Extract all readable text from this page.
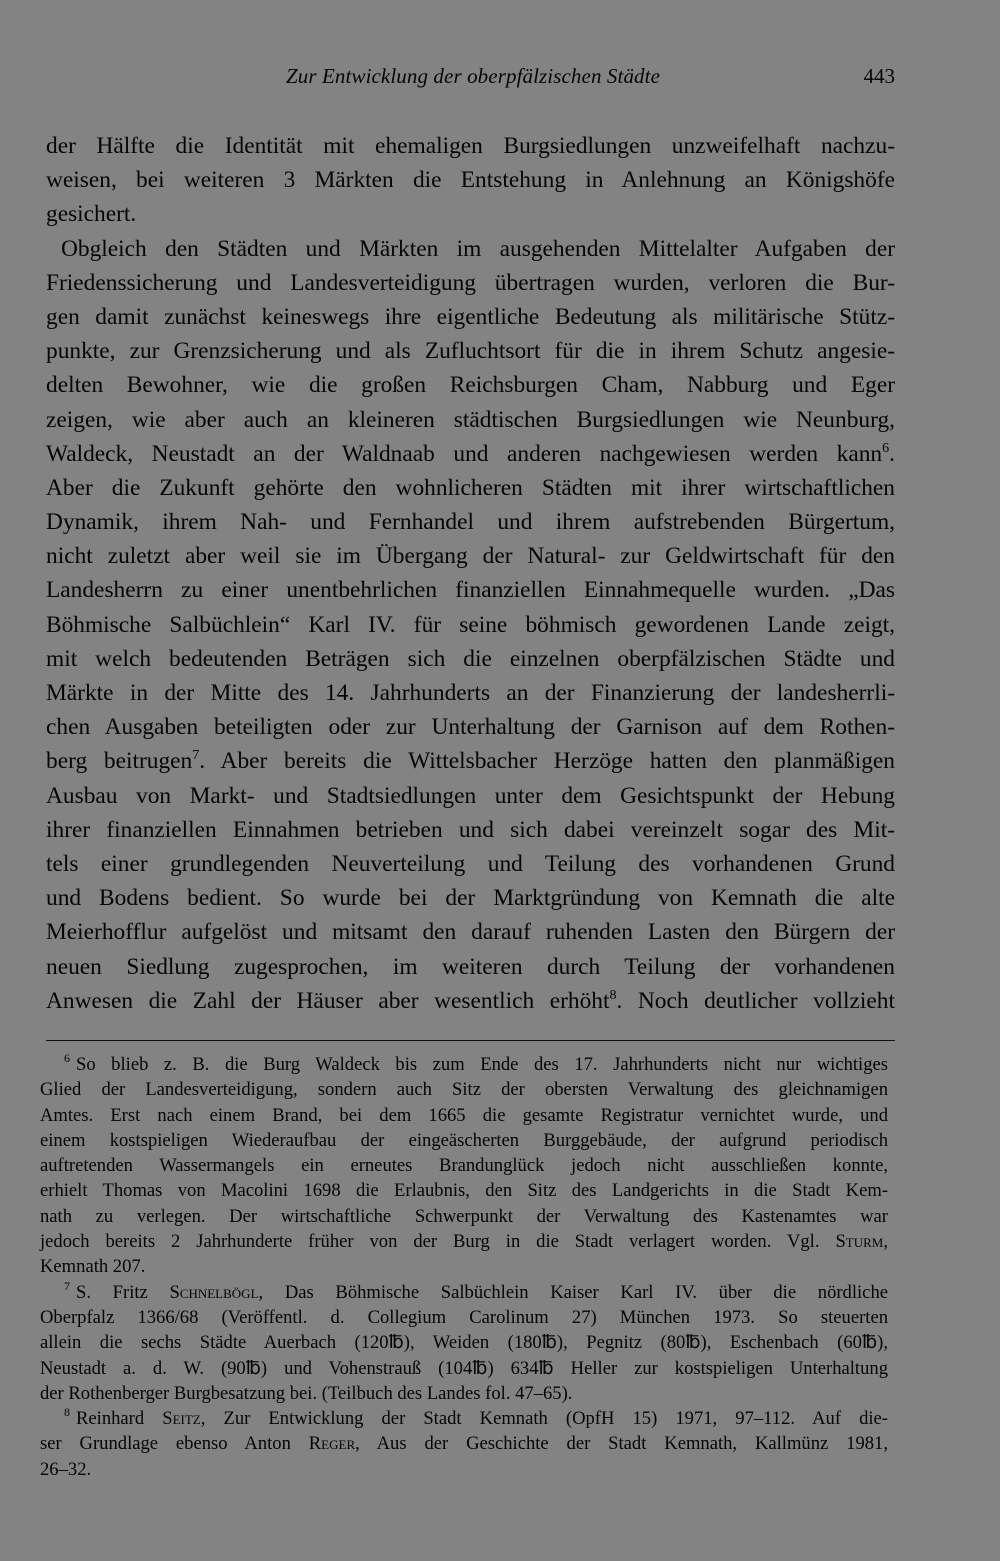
Zur Entwicklung der oberpfälzischen Städte	443
der Hälfte die Identität mit ehemaligen Burgsiedlungen unzweifelhaft nachzu-
weisen, bei weiteren 3 Märkten die Entstehung in Anlehnung an Königshöfe
gesichert.
Obgleich den Städten und Märkten im ausgehenden Mittelalter Aufgaben der
Friedenssicherung und Landesverteidigung übertragen wurden, verloren die Bur-
gen damit zunächst keineswegs ihre eigentliche Bedeutung als militärische Stütz-
punkte, zur Grenzsicherung und als Zufluchtsort für die in ihrem Schutz angesie-
delten Bewohner, wie die großen Reichsburgen Cham, Nabburg und Eger
zeigen, wie aber auch an kleineren städtischen Burgsiedlungen wie Neunburg,
Waldeck, Neustadt an der Waldnaab und anderen nachgewiesen werden kann$^6$.
Aber die Zukunft gehörte den wohnlicheren Städten mit ihrer wirtschaftlichen
Dynamik, ihrem Nah- und Fernhandel und ihrem aufstrebenden Bürgertum,
nicht zuletzt aber weil sie im Übergang der Natural- zur Geldwirtschaft für den
Landesherrn zu einer unentbehrlichen finanziellen Einnahmequelle wurden. „Das
Böhmische Salbüchlein“ Karl IV. für seine böhmisch gewordenen Lande zeigt,
mit welch bedeutenden Beträgen sich die einzelnen oberpfälzischen Städte und
Märkte in der Mitte des 14. Jahrhunderts an der Finanzierung der landesherrli-
chen Ausgaben beteiligten oder zur Unterhaltung der Garnison auf dem Rothen-
berg beitrugen$^7$. Aber bereits die Wittelsbacher Herzöge hatten den planmäßigen
Ausbau von Markt- und Stadtsiedlungen unter dem Gesichtspunkt der Hebung
ihrer finanziellen Einnahmen betrieben und sich dabei vereinzelt sogar des Mit-
tels einer grundlegenden Neuverteilung und Teilung des vorhandenen Grund
und Bodens bedient. So wurde bei der Marktgründung von Kemnath die alte
Meierhofflur aufgelöst und mitsamt den darauf ruhenden Lasten den Bürgern der
neuen Siedlung zugesprochen, im weiteren durch Teilung der vorhandenen
Anwesen die Zahl der Häuser aber wesentlich erhöht$^8$. Noch deutlicher vollzieht
$^6$ So blieb z. B. die Burg Waldeck bis zum Ende des 17. Jahrhunderts nicht nur wichtiges
Glied der Landesverteidigung, sondern auch Sitz der obersten Verwaltung des gleichnamigen
Amtes. Erst nach einem Brand, bei dem 1665 die gesamte Registratur vernichtet wurde, und
einem kostspieligen Wiederaufbau der eingeäscherten Burggebäude, der aufgrund periodisch
auftretenden Wassermangels ein erneutes Brandunglück jedoch nicht ausschließen konnte,
erhielt Thomas von Macolini 1698 die Erlaubnis, den Sitz des Landgerichts in die Stadt Kem-
nath zu verlegen. Der wirtschaftliche Schwerpunkt der Verwaltung des Kastenamtes war
jedoch bereits 2 Jahrhunderte früher von der Burg in die Stadt verlagert worden. Vgl. Sturm,
Kemnath 207.
$^7$ S. Fritz Schnelbögl, Das Böhmische Salbüchlein Kaiser Karl IV. über die nördliche
Oberpfalz 1366/68 (Veröffentl. d. Collegium Carolinum 27) München 1973. So steuerten
allein die sechs Städte Auerbach (120℔), Weiden (180℔), Pegnitz (80℔), Eschenbach (60℔),
Neustadt a. d. W. (90℔) und Vohenstrauß (104℔) 634℔ Heller zur kostspieligen Unterhaltung
der Rothenberger Burgbesatzung bei. (Teilbuch des Landes fol. 47–65).
$^8$ Reinhard Seitz, Zur Entwicklung der Stadt Kemnath (OpfH 15) 1971, 97–112. Auf die-
ser Grundlage ebenso Anton Reger, Aus der Geschichte der Stadt Kemnath, Kallmünz 1981,
26–32.
